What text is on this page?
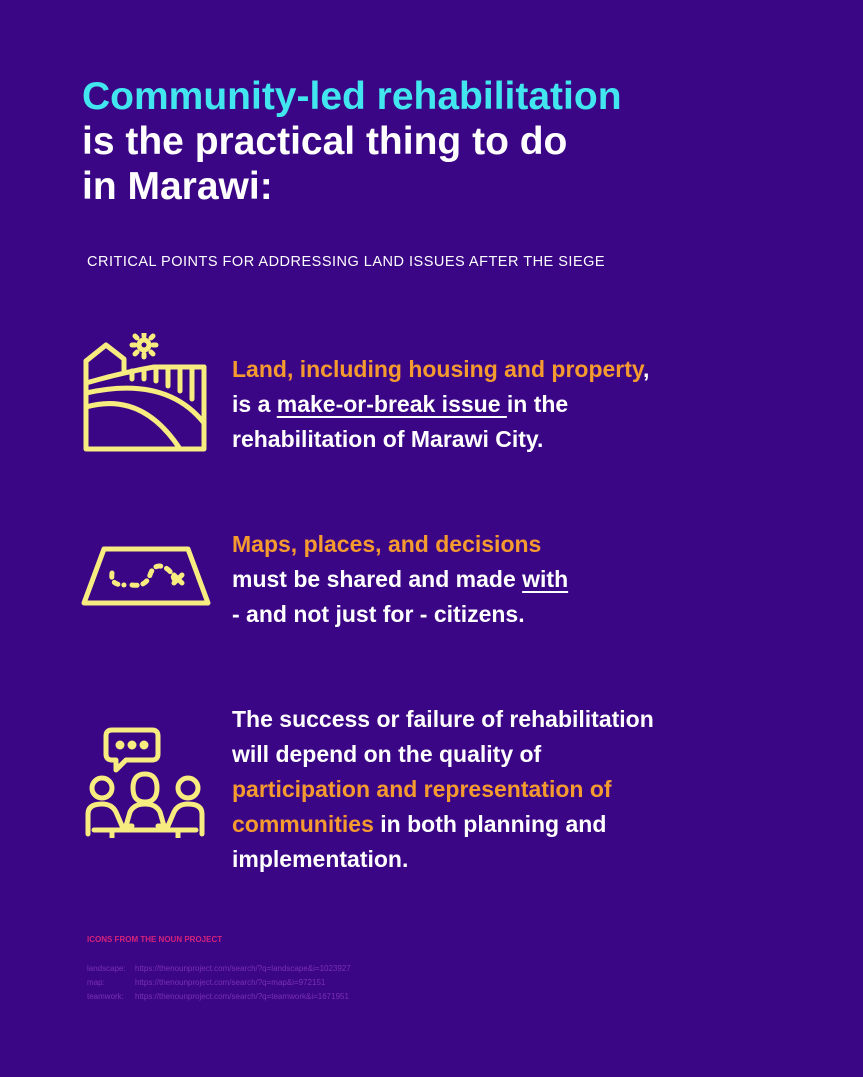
Community-led rehabilitation
is the practical thing to do
in Marawi:
CRITICAL POINTS FOR ADDRESSING LAND ISSUES AFTER THE SIEGE
Land, including housing and property,
is a make-or-break issue in the
rehabilitation of Marawi City.
Maps, places, and decisions
must be shared and made with
- and not just for - citizens.
The success or failure of rehabilitation
will depend on the quality of
participation and representation of
communities in both planning and
implementation.
ICONS FROM THE NOUN PROJECT
landscape: https://thenounproject.com/search/?q=landscape&i=1023927
map:	https://thenounproject.com/search/?q=map&i=972151
teamwork: https://thenounproject.com/search/?q=teamwork&i=1671951
